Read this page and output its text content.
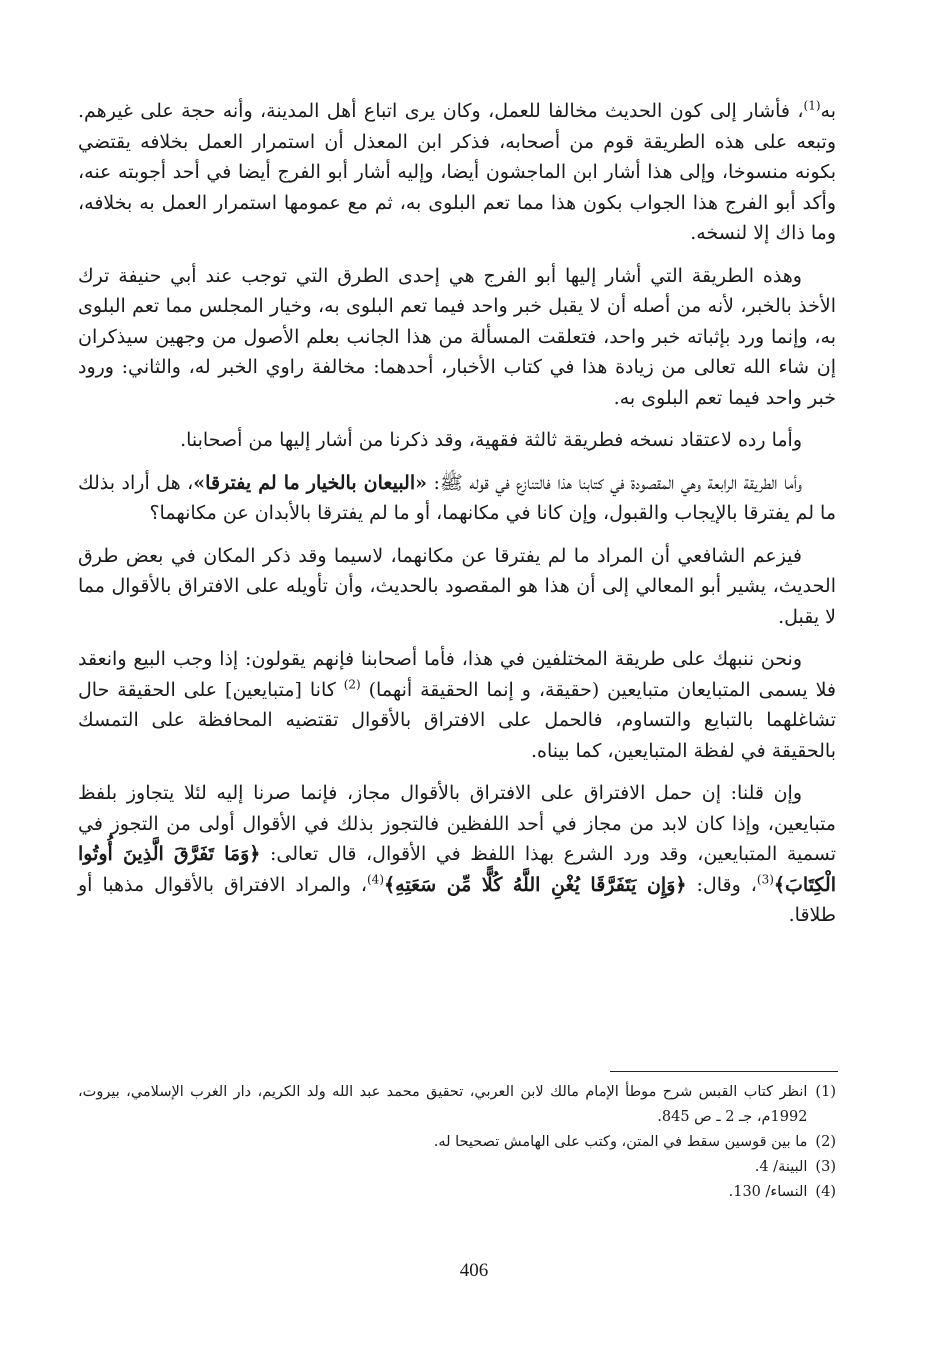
به$^{(1)}$، فأشار إلى كون الحديث مخالفا للعمل، وكان يرى اتباع أهل المدينة، وأنه حجة على غيرهم. وتبعه على هذه الطريقة قوم من أصحابه، فذكر ابن المعذل أن استمرار العمل بخلافه يقتضي بكونه منسوخا، وإلى هذا أشار ابن الماجشون أيضا، وإليه أشار أبو الفرج أيضا في أحد أجوبته عنه، وأكد أبو الفرج هذا الجواب بكون هذا مما تعم البلوى به، ثم مع عمومها استمرار العمل به بخلافه، وما ذاك إلا لنسخه.

وهذه الطريقة التي أشار إليها أبو الفرج هي إحدى الطرق التي توجب عند أبي حنيفة ترك الأخذ بالخبر، لأنه من أصله أن لا يقبل خبر واحد فيما تعم البلوى به، وخيار المجلس مما تعم البلوى به، وإنما ورد بإثباته خبر واحد، فتعلقت المسألة من هذا الجانب بعلم الأصول من وجهين سيذكران إن شاء الله تعالى من زيادة هذا في كتاب الأخبار، أحدهما: مخالفة راوي الخبر له، والثاني: ورود خبر واحد فيما تعم البلوى به.

وأما رده لاعتقاد نسخه فطريقة ثالثة فقهية، وقد ذكرنا من أشار إليها من أصحابنا.

وأما الطريقة الرابعة وهي المقصودة في كتابنا هذا فالتنازع في قوله ﷺ: «البيعان بالخيار ما لم يفترقا»، هل أراد بذلك ما لم يفترقا بالإيجاب والقبول، وإن كانا في مكانهما، أو ما لم يفترقا بالأبدان عن مكانهما؟

فيزعم الشافعي أن المراد ما لم يفترقا عن مكانهما، لاسيما وقد ذكر المكان في بعض طرق الحديث، يشير أبو المعالي إلى أن هذا هو المقصود بالحديث، وأن تأويله على الافتراق بالأقوال مما لا يقبل.

ونحن ننبهك على طريقة المختلفين في هذا، فأما أصحابنا فإنهم يقولون: إذا وجب البيع وانعقد فلا يسمى المتبايعان متبايعين (حقيقة، و إنما الحقيقة أنهما) $^{(2)}$ كانا [متبايعين] على الحقيقة حال تشاغلهما بالتبايع والتساوم، فالحمل على الافتراق بالأقوال تقتضيه المحافظة على التمسك بالحقيقة في لفظة المتبايعين، كما بيناه.

وإن قلنا: إن حمل الافتراق على الافتراق بالأقوال مجاز، فإنما صرنا إليه لئلا يتجاوز بلفظ متبايعين، وإذا كان لابد من مجاز في أحد اللفظين فالتجوز بذلك في الأقوال أولى من التجوز في تسمية المتبايعين، وقد ورد الشرع بهذا اللفظ في الأقوال، قال تعالى: ﴿وَمَا تَفَرَّقَ الَّذِينَ أُوتُوا الْكِتَابَ﴾$^{(3)}$، وقال: ﴿وَإِن يَتَفَرَّقَا يُغْنِ اللَّهُ كُلًّا مِّن سَعَتِهِ﴾$^{(4)}$، والمراد الافتراق بالأقوال مذهبا أو طلاقا.

(1)
انظر كتاب القبس شرح موطأ الإمام مالك لابن العربي، تحقيق محمد عبد الله ولد الكريم، دار الغرب الإسلامي، بيروت، 1992م، جـ 2 ـ ص 845.
(2)
ما بين قوسين سقط في المتن، وكتب على الهامش تصحيحا له.
(3)
البينة/ 4.
(4)
النساء/ 130.
406
